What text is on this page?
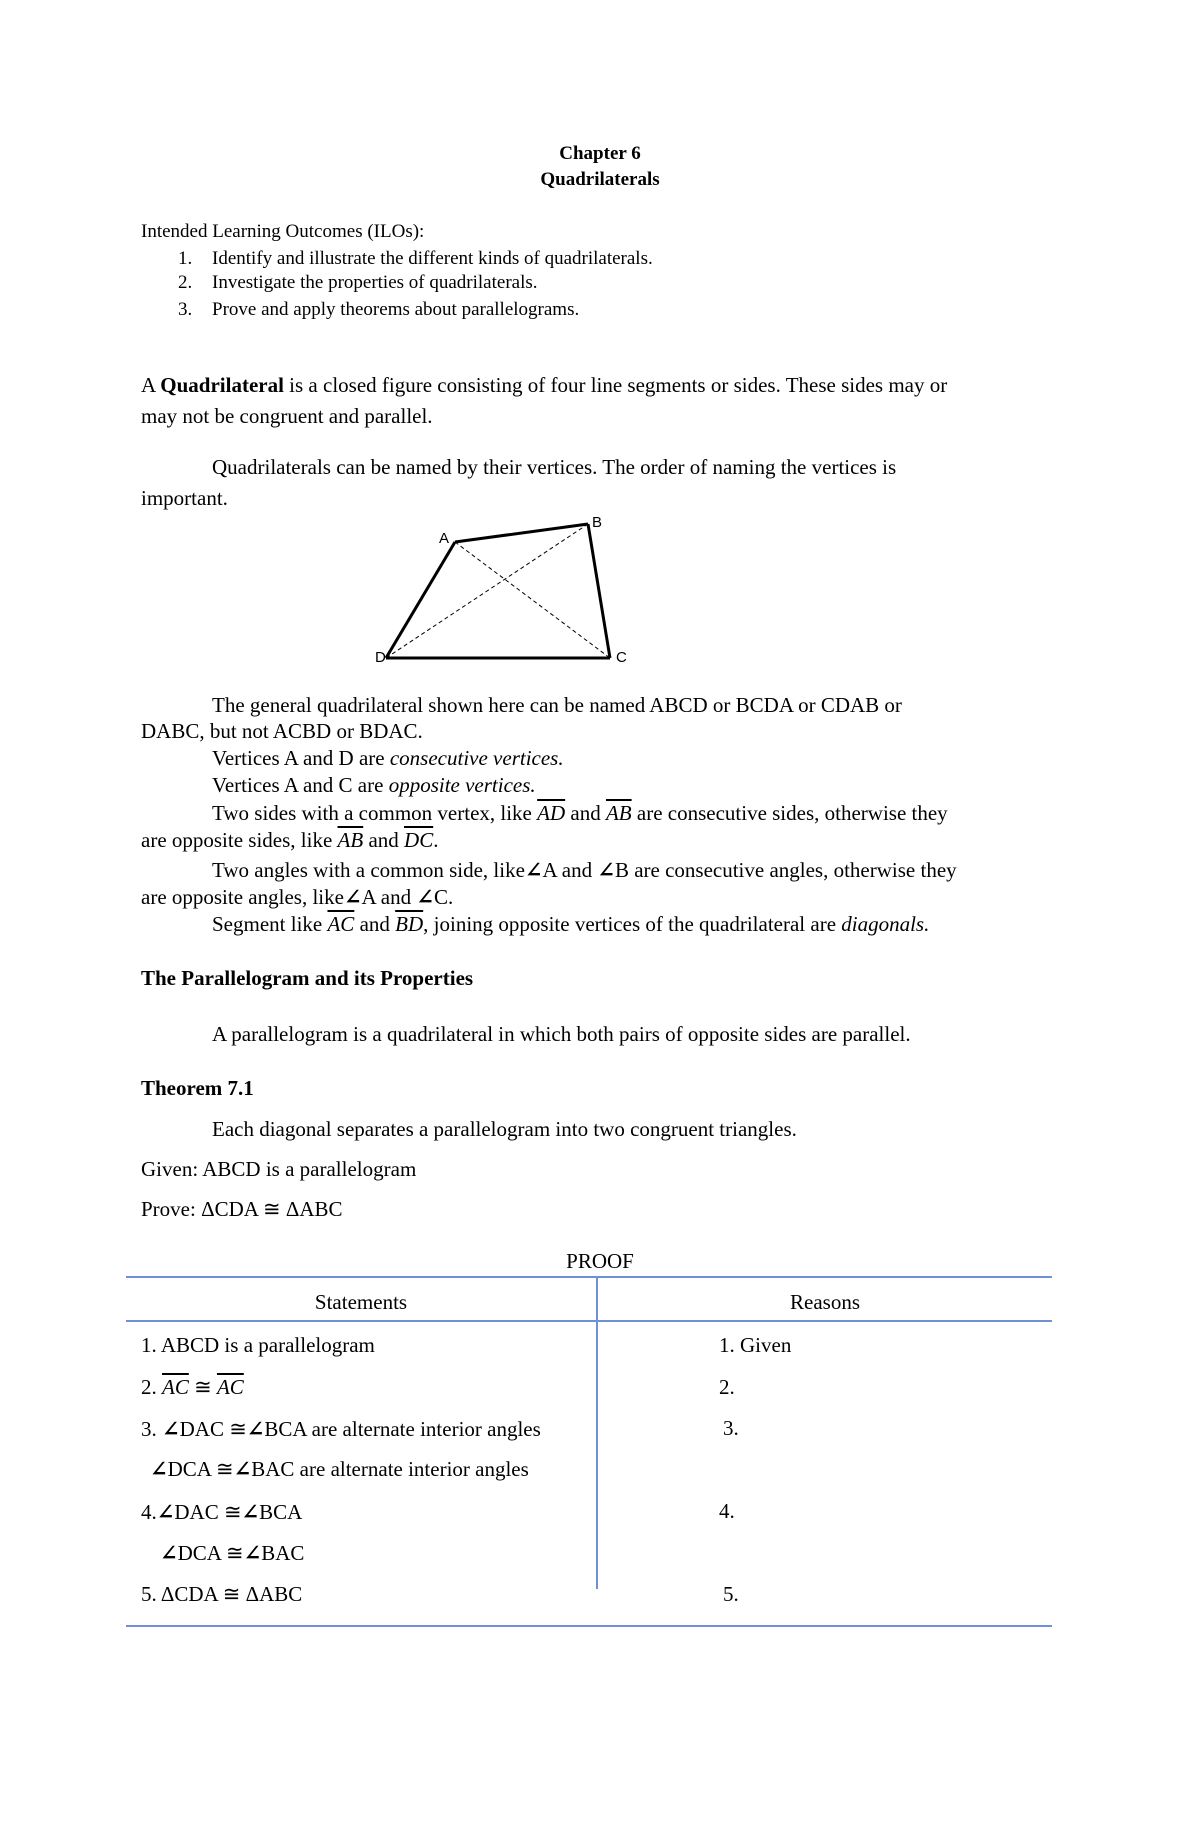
Chapter 6
Quadrilaterals
Intended Learning Outcomes (ILOs):
1. Identify and illustrate the different kinds of quadrilaterals.
2. Investigate the properties of quadrilaterals.
3. Prove and apply theorems about parallelograms.
A Quadrilateral is a closed figure consisting of four line segments or sides. These sides may or
may not be congruent and parallel.
Quadrilaterals can be named by their vertices. The order of naming the vertices is
important.
A
B
C
D
The general quadrilateral shown here can be named ABCD or BCDA or CDAB or
DABC, but not ACBD or BDAC.
Vertices A and D are consecutive vertices.
Vertices A and C are opposite vertices.
Two sides with a common vertex, like $\overline{AD}$ and $\overline{AB}$ are consecutive sides, otherwise they
are opposite sides, like $\overline{AB}$ and $\overline{DC}$.
Two angles with a common side, like∠A and ∠B are consecutive angles, otherwise they
are opposite angles, like∠A and ∠C.
Segment like $\overline{AC}$ and $\overline{BD}$, joining opposite vertices of the quadrilateral are diagonals.
The Parallelogram and its Properties
A parallelogram is a quadrilateral in which both pairs of opposite sides are parallel.
Theorem 7.1
Each diagonal separates a parallelogram into two congruent triangles.
Given: ABCD is a parallelogram
Prove: ΔCDA ≅ ΔABC
PROOF
Statements	Reasons
1. ABCD is a parallelogram	1. Given
2. $\overline{AC}$ ≅ $\overline{AC}$	2.
3. ∠DAC ≅∠BCA are alternate interior angles	3.
∠DCA ≅∠BAC are alternate interior angles
4.∠DAC ≅∠BCA	4.
∠DCA ≅∠BAC
5. ΔCDA ≅ ΔABC	5.
